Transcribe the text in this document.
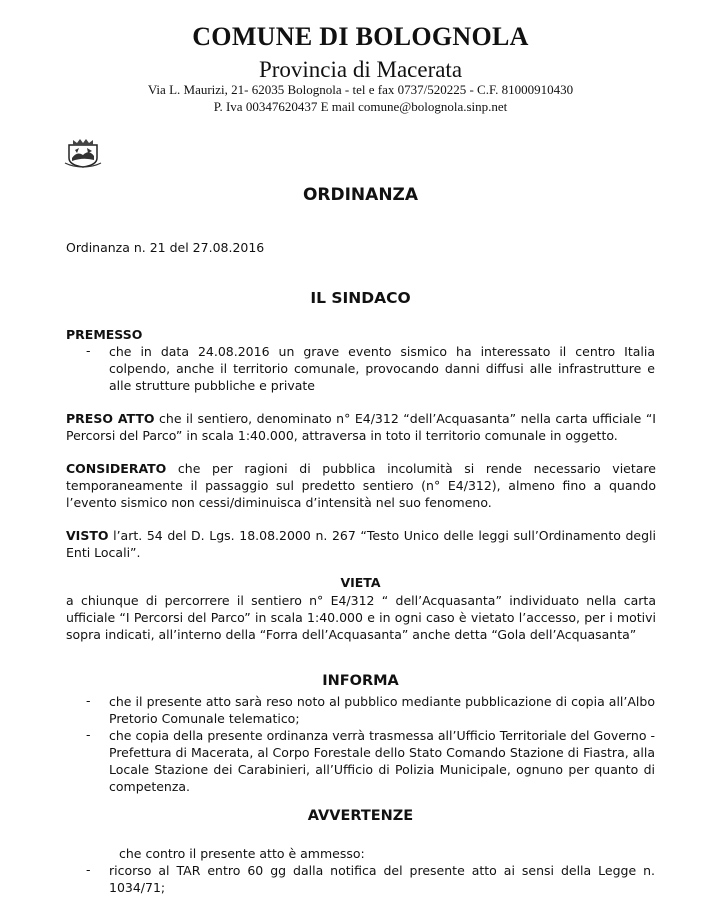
COMUNE DI BOLOGNOLA
Provincia di Macerata
Via L. Maurizi, 21- 62035 Bolognola - tel e fax 0737/520225 - C.F. 81000910430
P. Iva 00347620437 E mail comune@bolognola.sinp.net
ORDINANZA
Ordinanza n. 21 del 27.08.2016
IL SINDACO
PREMESSO
- che in data 24.08.2016 un grave evento sismico ha interessato il centro Italia colpendo, anche il territorio comunale, provocando danni diffusi alle infrastrutture e alle strutture pubbliche e private
PRESO ATTO che il sentiero, denominato n° E4/312 “dell’Acquasanta” nella carta ufficiale “I Percorsi del Parco” in scala 1:40.000, attraversa in toto il territorio comunale in oggetto.
CONSIDERATO che per ragioni di pubblica incolumità si rende necessario vietare temporaneamente il passaggio sul predetto sentiero (n° E4/312), almeno fino a quando l’evento sismico non cessi/diminuisca d’intensità nel suo fenomeno.
VISTO l’art. 54 del D. Lgs. 18.08.2000 n. 267 “Testo Unico delle leggi sull’Ordinamento degli Enti Locali”.
VIETA
a chiunque di percorrere il sentiero n° E4/312 “ dell’Acquasanta” individuato nella carta ufficiale “I Percorsi del Parco” in scala 1:40.000 e in ogni caso è vietato l’accesso, per i motivi sopra indicati, all’interno della “Forra dell’Acquasanta” anche detta “Gola dell’Acquasanta”
INFORMA
- che il presente atto sarà reso noto al pubblico mediante pubblicazione di copia all’Albo Pretorio Comunale telematico;
- che copia della presente ordinanza verrà trasmessa all’Ufficio Territoriale del Governo - Prefettura di Macerata, al Corpo Forestale dello Stato Comando Stazione di Fiastra, alla Locale Stazione dei Carabinieri, all’Ufficio di Polizia Municipale, ognuno per quanto di competenza.
AVVERTENZE
che contro il presente atto è ammesso:
- ricorso al TAR entro 60 gg dalla notifica del presente atto ai sensi della Legge n. 1034/71;
